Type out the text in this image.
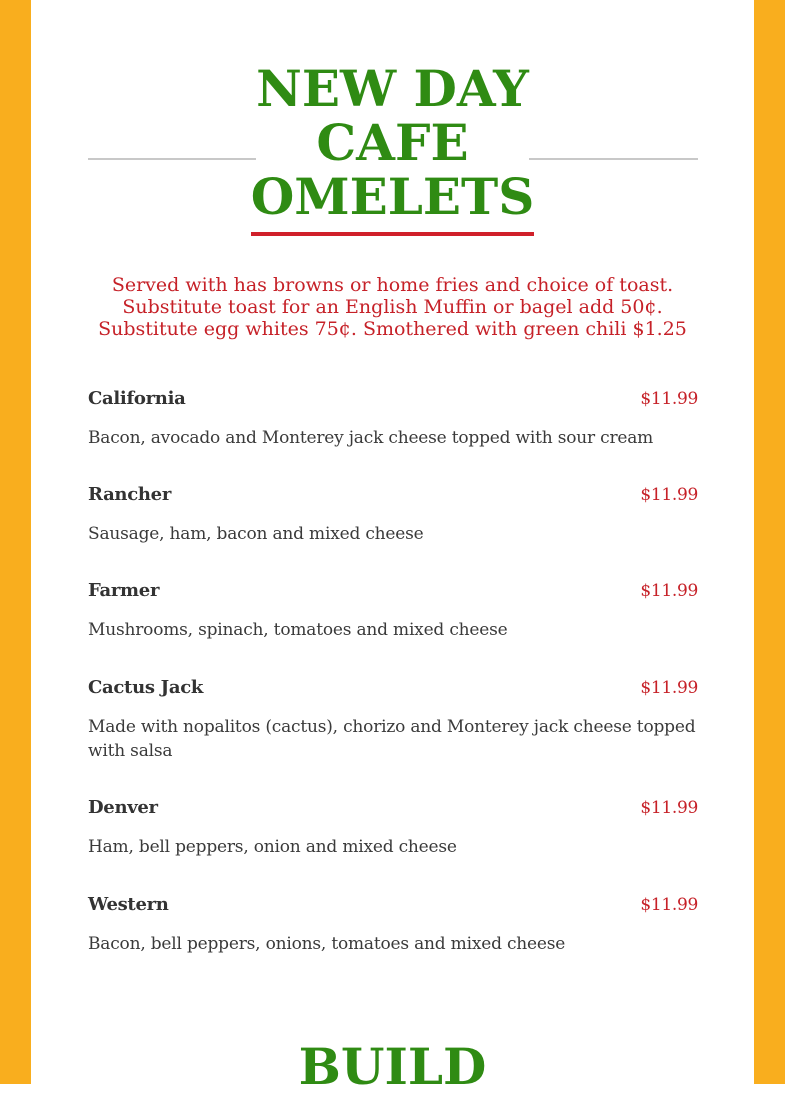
NEW DAY
CAFE
OMELETS
Served with has browns or home fries and choice of toast.
Substitute toast for an English Muffin or bagel add 50¢.
Substitute egg whites 75¢. Smothered with green chili $1.25
California	$11.99
Bacon, avocado and Monterey jack cheese topped with sour cream
Rancher	$11.99
Sausage, ham, bacon and mixed cheese
Farmer	$11.99
Mushrooms, spinach, tomatoes and mixed cheese
Cactus Jack	$11.99
Made with nopalitos (cactus), chorizo and Monterey jack cheese topped with salsa
Denver	$11.99
Ham, bell peppers, onion and mixed cheese
Western	$11.99
Bacon, bell peppers, onions, tomatoes and mixed cheese
BUILD
